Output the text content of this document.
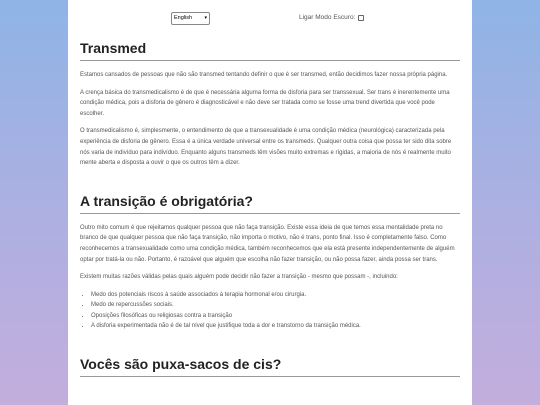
English ▾	Ligar Modo Escuro:
Transmed

Estamos cansados de pessoas que não são transmed tentando definir o que é ser transmed, então decidimos fazer nossa própria página.

A crença básica do transmedicalismo é de que é necessária alguma forma de disforia para ser transsexual. Ser trans é inerentemente uma condição médica, pois a disforia de gênero é diagnosticável e não deve ser tratada como se fosse uma trend divertida que você pode escolher.

O transmedicalismo é, simplesmente, o entendimento de que a transexualidade é uma condição médica (neurológica) caracterizada pela experiência de disforia de gênero. Essa é a única verdade universal entre os transmeds. Qualquer outra coisa que possa ter sido dita sobre nós varia de indivíduo para indivíduo. Enquanto alguns transmeds têm visões muito extremas e rígidas, a maioria de nós é realmente muito mente aberta e disposta a ouvir o que os outros têm a dizer.

A transição é obrigatória?

Outro mito comum é que rejeitamos qualquer pessoa que não faça transição. Existe essa ideia de que temos essa mentalidade preta no branco de que qualquer pessoa que não faça transição, não importa o motivo, não é trans, ponto final. Isso é completamente falso. Como reconhecemos a transexualidade como uma condição médica, também reconhecemos que ela está presente independentemente de alguém optar por tratá-la ou não. Portanto, é razoável que alguém que escolha não fazer transição, ou não possa fazer, ainda possa ser trans.

Existem muitas razões válidas pelas quais alguém pode decidir não fazer a transição - mesmo que possam -, incluindo:

• Medo dos potenciais riscos à saúde associados à terapia hormonal e/ou cirurgia.
• Medo de repercussões sociais.
• Oposições filosóficas ou religiosas contra a transição
• A disforia experimentada não é de tal nível que justifique toda a dor e transtorno da transição médica.
Vocês são puxa-sacos de cis?
